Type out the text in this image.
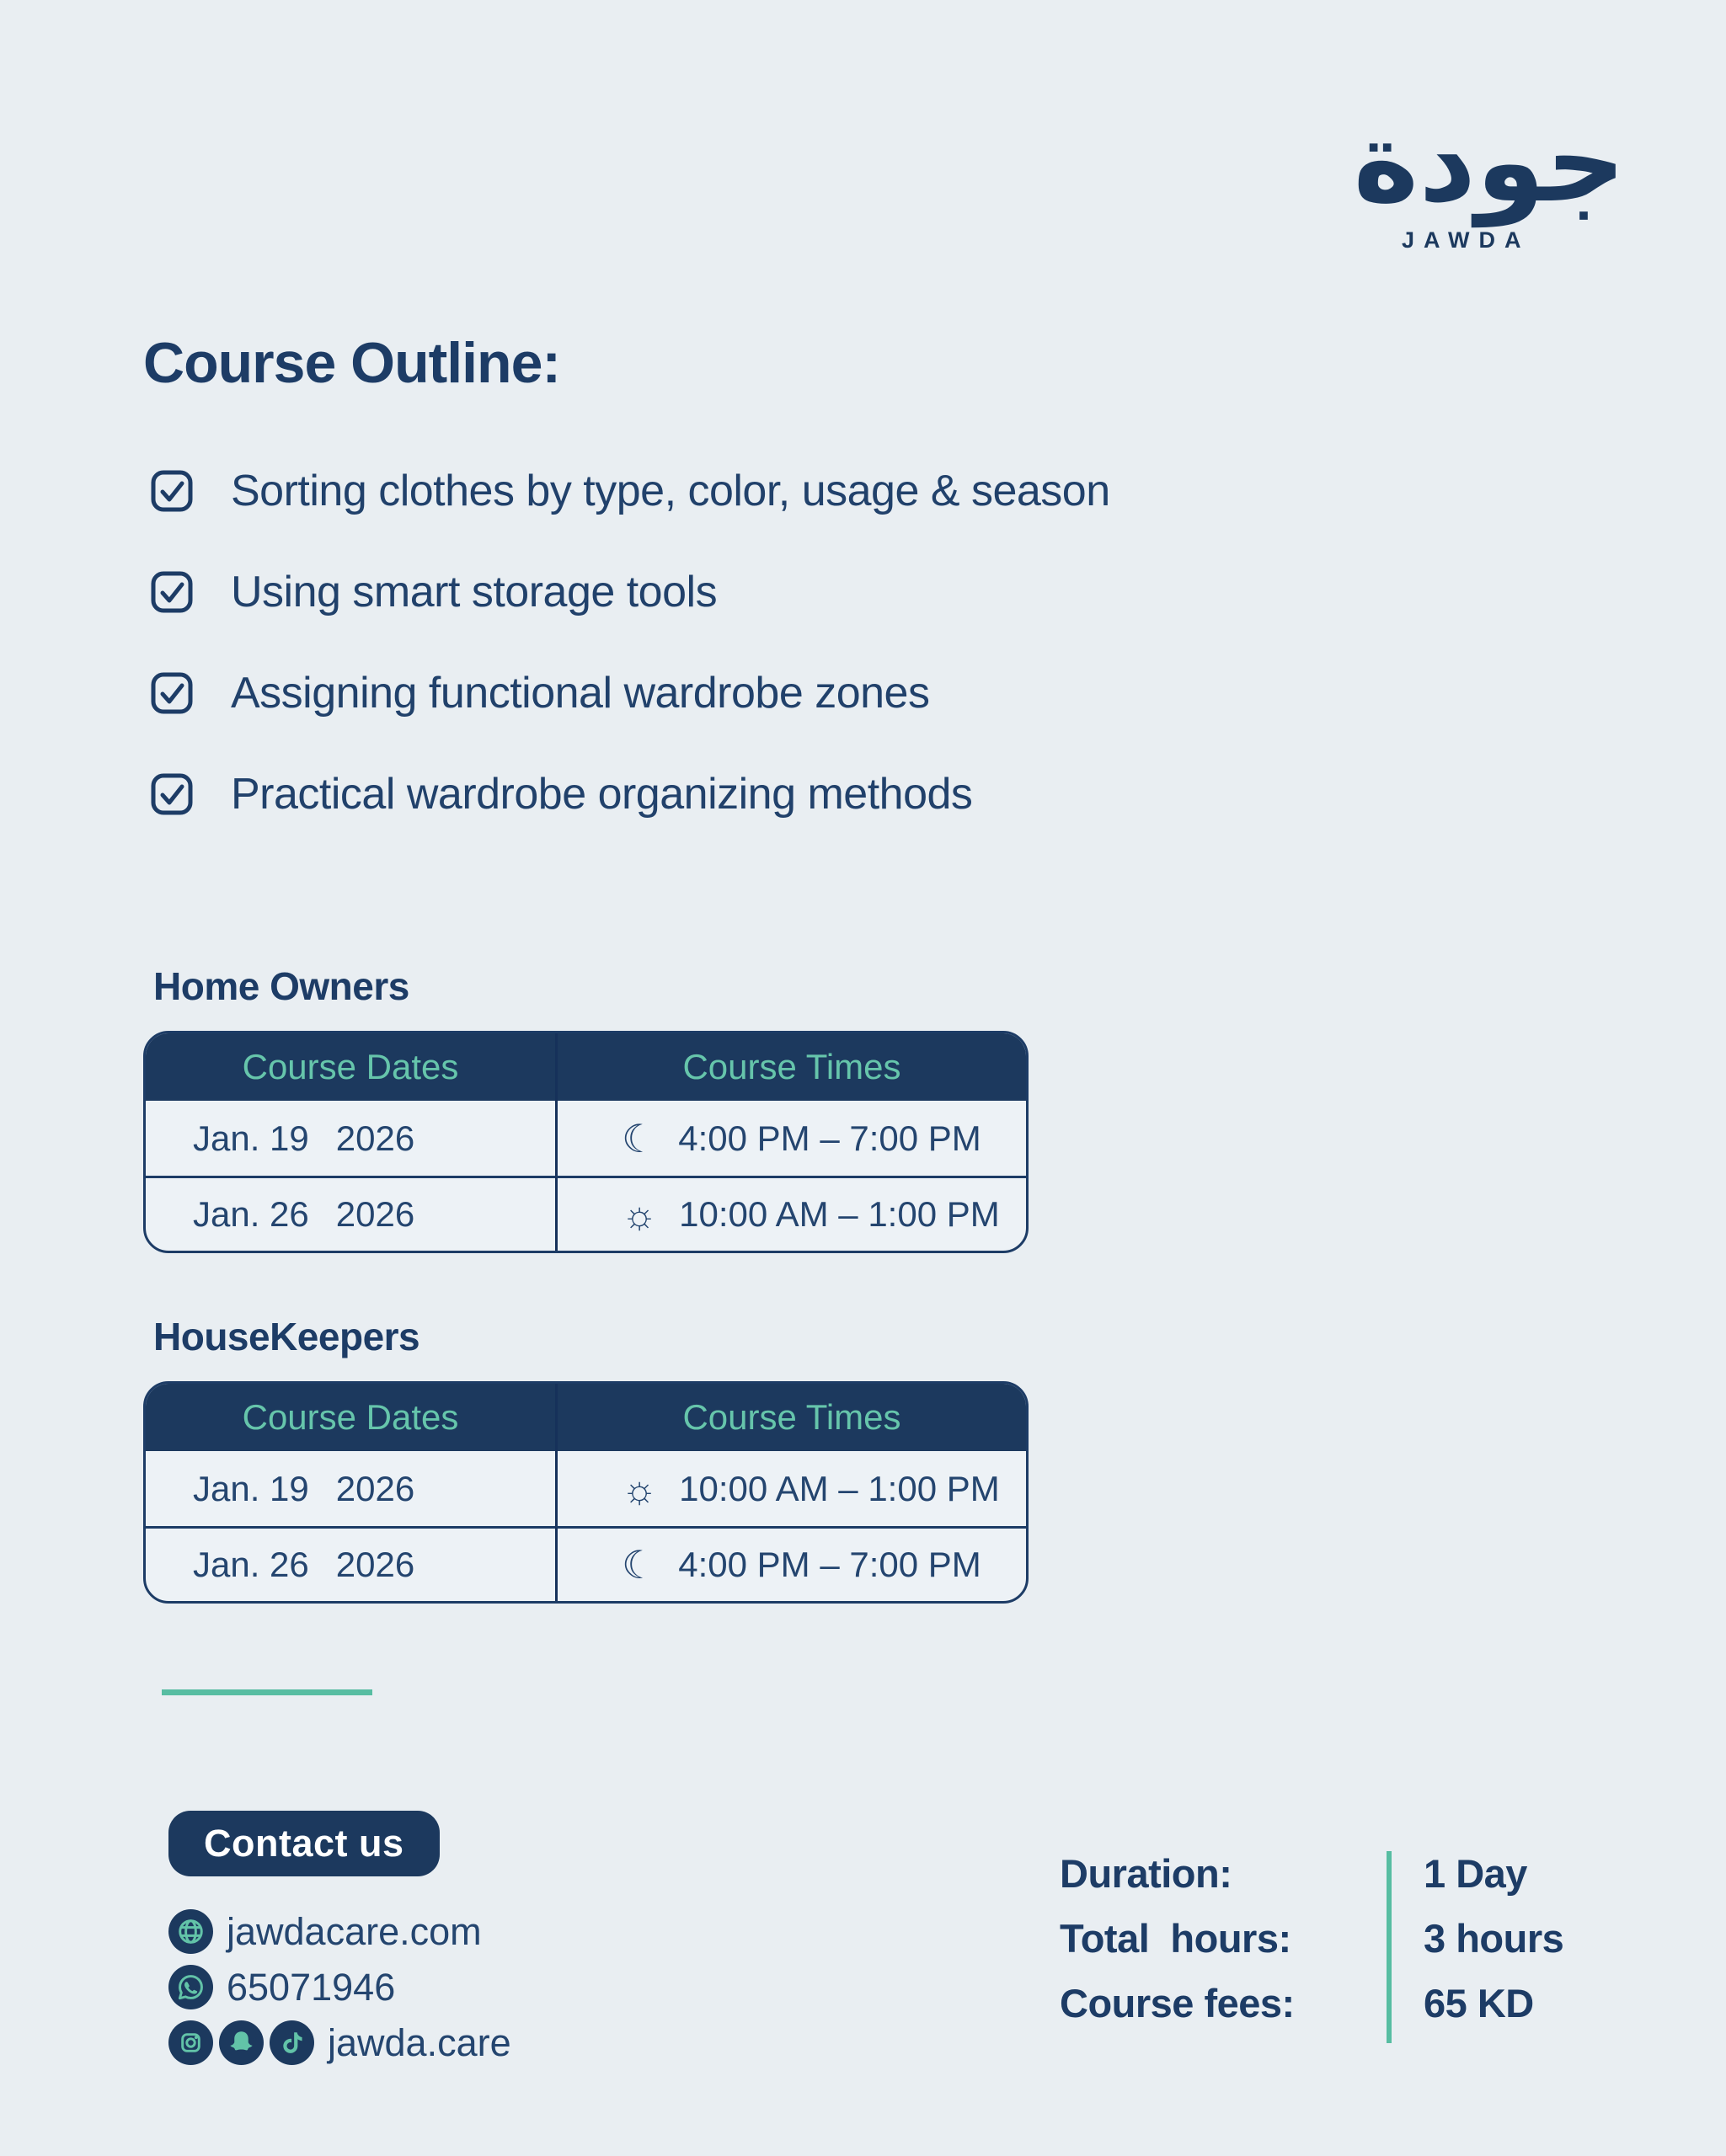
جودة
JAWDA
Course Outline:
Sorting clothes by type, color, usage & season
Using smart storage tools
Assigning functional wardrobe zones
Practical wardrobe organizing methods
Home Owners
Course Dates	Course Times
Jan. 19 2026	☾ 4:00 PM – 7:00 PM
Jan. 26 2026	☼ 10:00 AM – 1:00 PM
HouseKeepers
Course Dates	Course Times
Jan. 19 2026	☼ 10:00 AM – 1:00 PM
Jan. 26 2026	☾ 4:00 PM – 7:00 PM
Contact us
jawdacare.com
65071946
jawda.care
Duration:	1 Day
Total  hours:	3 hours
Course fees:	65 KD
